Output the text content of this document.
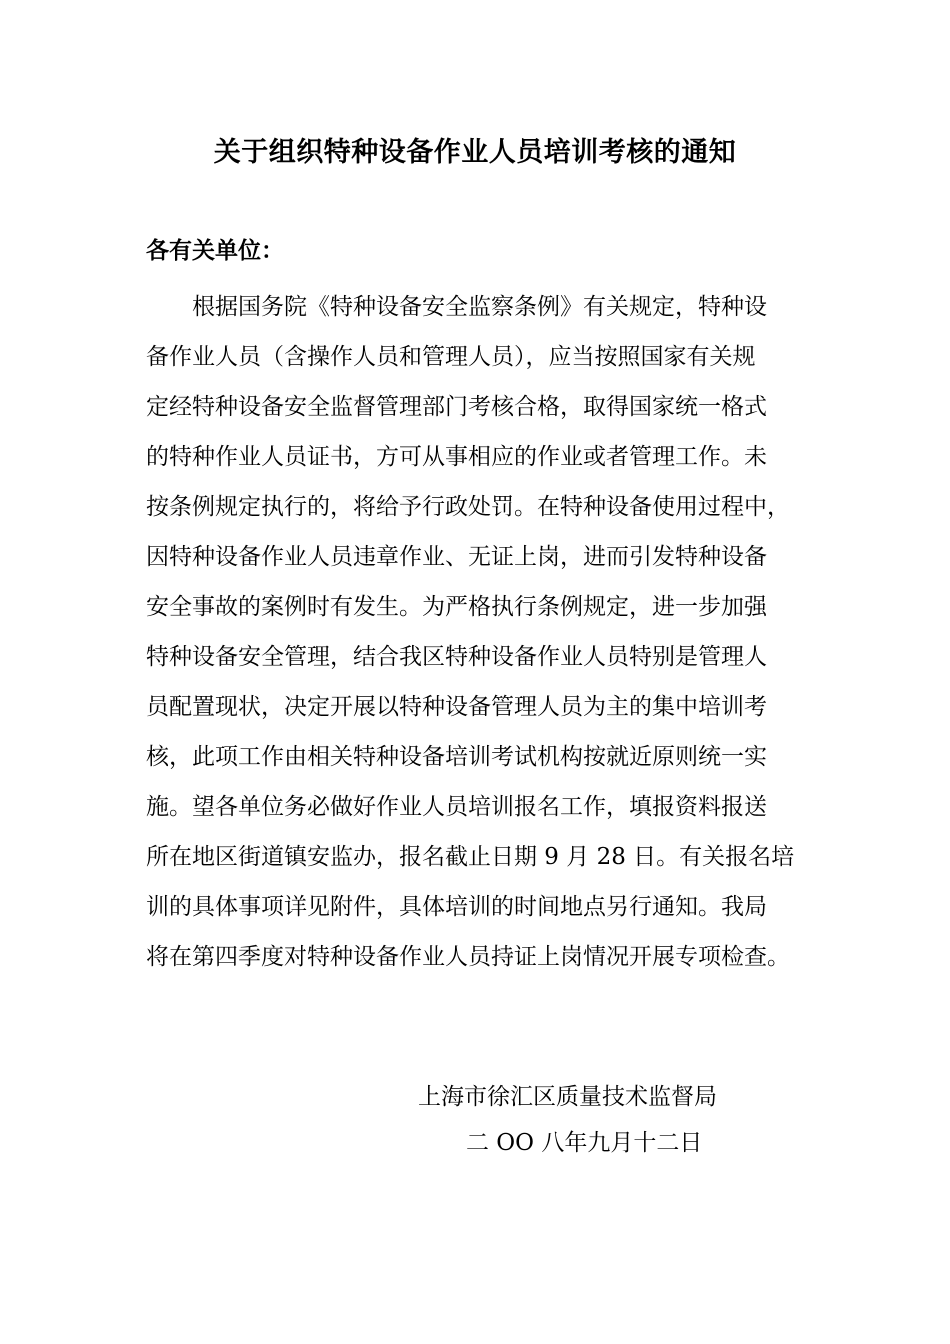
关于组织特种设备作业人员培训考核的通知

各有关单位：

根据国务院《特种设备安全监察条例》有关规定，特种设
备作业人员（含操作人员和管理人员），应当按照国家有关规
定经特种设备安全监督管理部门考核合格，取得国家统一格式
的特种作业人员证书，方可从事相应的作业或者管理工作。未
按条例规定执行的，将给予行政处罚。在特种设备使用过程中，
因特种设备作业人员违章作业、无证上岗，进而引发特种设备
安全事故的案例时有发生。为严格执行条例规定，进一步加强
特种设备安全管理，结合我区特种设备作业人员特别是管理人
员配置现状，决定开展以特种设备管理人员为主的集中培训考
核，此项工作由相关特种设备培训考试机构按就近原则统一实
施。望各单位务必做好作业人员培训报名工作，填报资料报送
所在地区街道镇安监办，报名截止日期 9 月 28 日。有关报名培
训的具体事项详见附件，具体培训的时间地点另行通知。我局
将在第四季度对特种设备作业人员持证上岗情况开展专项检查。
上海市徐汇区质量技术监督局
二 OO 八年九月十二日
